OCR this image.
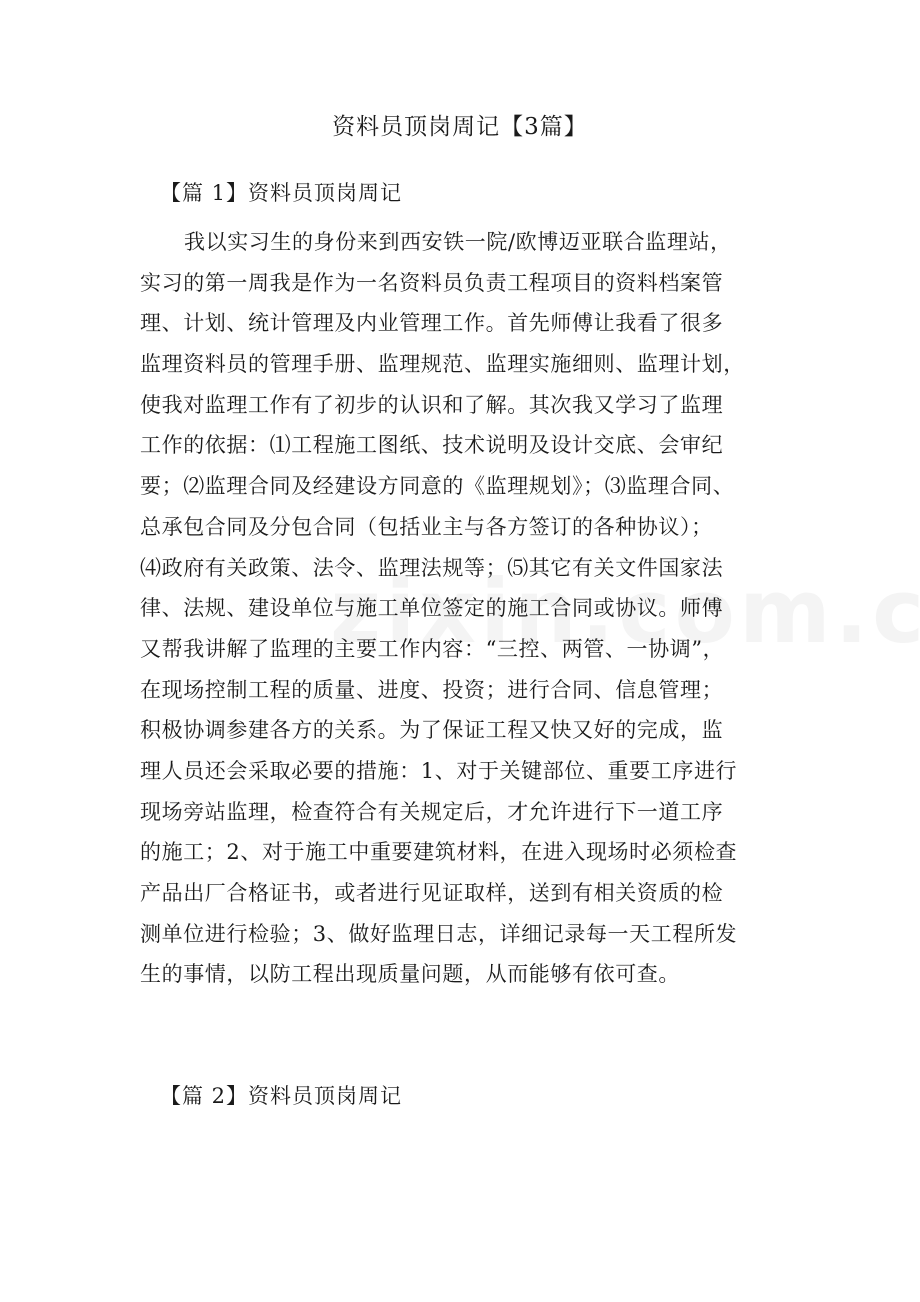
资料员顶岗周记【3篇】
【篇 1】资料员顶岗周记
我以实习生的身份来到西安铁一院/欧博迈亚联合监理站，
实习的第一周我是作为一名资料员负责工程项目的资料档案管
理、计划、统计管理及内业管理工作。首先师傅让我看了很多
监理资料员的管理手册、监理规范、监理实施细则、监理计划，
使我对监理工作有了初步的认识和了解。其次我又学习了监理
工作的依据：⑴工程施工图纸、技术说明及设计交底、会审纪
要；⑵监理合同及经建设方同意的《监理规划》；⑶监理合同、
总承包合同及分包合同（包括业主与各方签订的各种协议）；
⑷政府有关政策、法令、监理法规等；⑸其它有关文件国家法
律、法规、建设单位与施工单位签定的施工合同或协议。师傅
又帮我讲解了监理的主要工作内容：“三控、两管、一协调”，
在现场控制工程的质量、进度、投资；进行合同、信息管理；
积极协调参建各方的关系。为了保证工程又快又好的完成，监
理人员还会采取必要的措施：1、对于关键部位、重要工序进行
现场旁站监理，检查符合有关规定后，才允许进行下一道工序
的施工；2、对于施工中重要建筑材料，在进入现场时必须检查
产品出厂合格证书，或者进行见证取样，送到有相关资质的检
测单位进行检验；3、做好监理日志，详细记录每一天工程所发
生的事情，以防工程出现质量问题，从而能够有依可查。
【篇 2】资料员顶岗周记
